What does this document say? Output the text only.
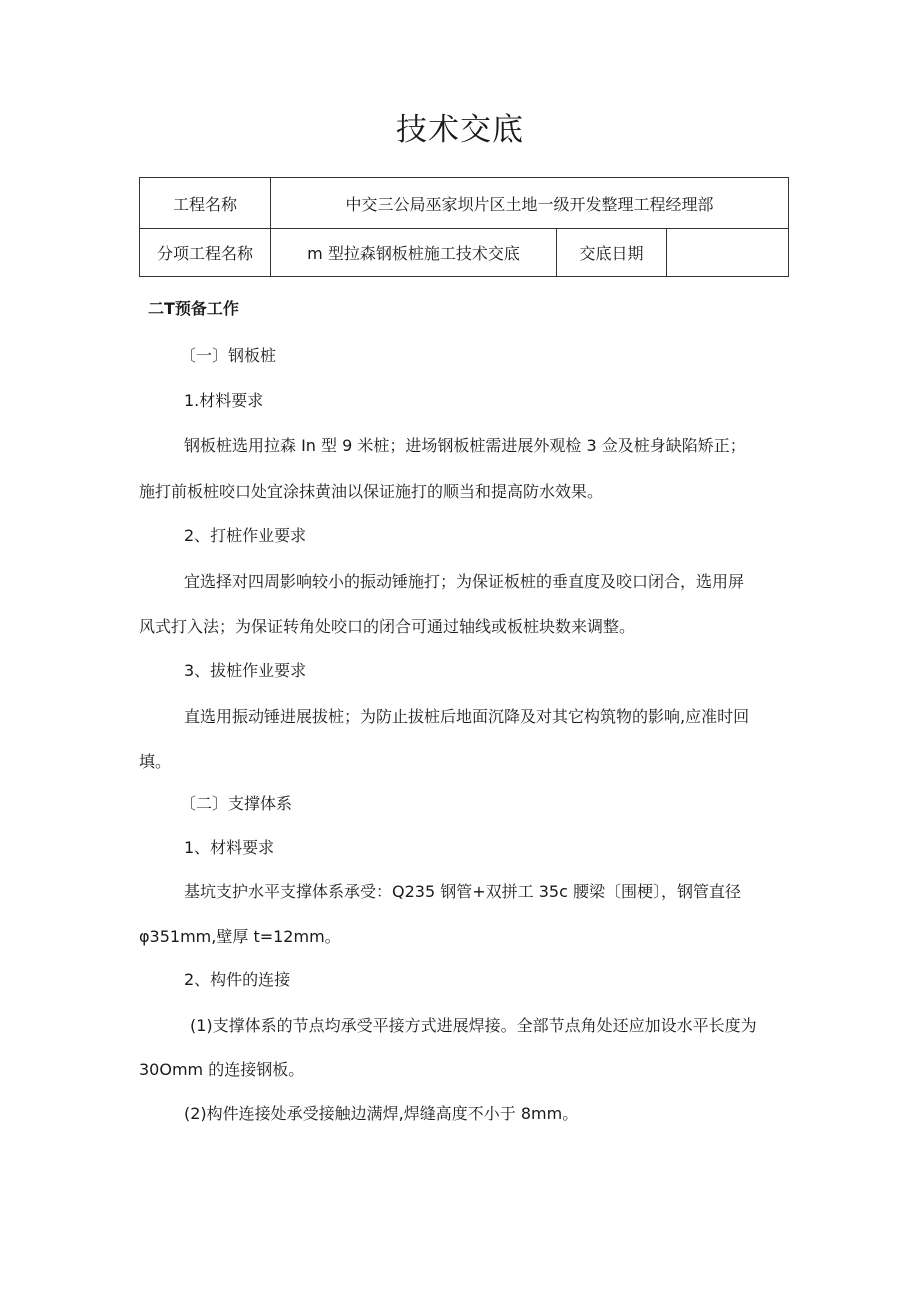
技术交底
工程名称	中交三公局巫家坝片区土地一级开发整理工程经理部		
分项工程名称	m 型拉森钢板桩施工技术交底	交底日期	
二T预备工作
〔一〕钢板桩
1.材料要求
钢板桩选用拉森 In 型 9 米桩；进场钢板桩需进展外观检 3 佥及桩身缺陷矫正；
施打前板桩咬口处宜涂抹黄油以保证施打的顺当和提高防水效果。
2、打桩作业要求
宜选择对四周影响较小的振动锤施打；为保证板桩的垂直度及咬口闭合，选用屏
风式打入法；为保证转角处咬口的闭合可通过轴线或板桩块数来调整。
3、拔桩作业要求
直选用振动锤进展拔桩；为防止拔桩后地面沉降及对其它构筑物的影响,应准时回
填。
〔二〕支撑体系
1、材料要求
基坑支护水平支撑体系承受：Q235 钢管+双拼工 35c 腰梁〔围梗〕，钢管直径
φ351mm,壁厚 t=12mm。
2、构件的连接
(1)支撑体系的节点均承受平接方式进展焊接。全部节点角处还应加设水平长度为
30Omm 的连接钢板。
(2)构件连接处承受接触边满焊,焊缝高度不小于 8mm。
